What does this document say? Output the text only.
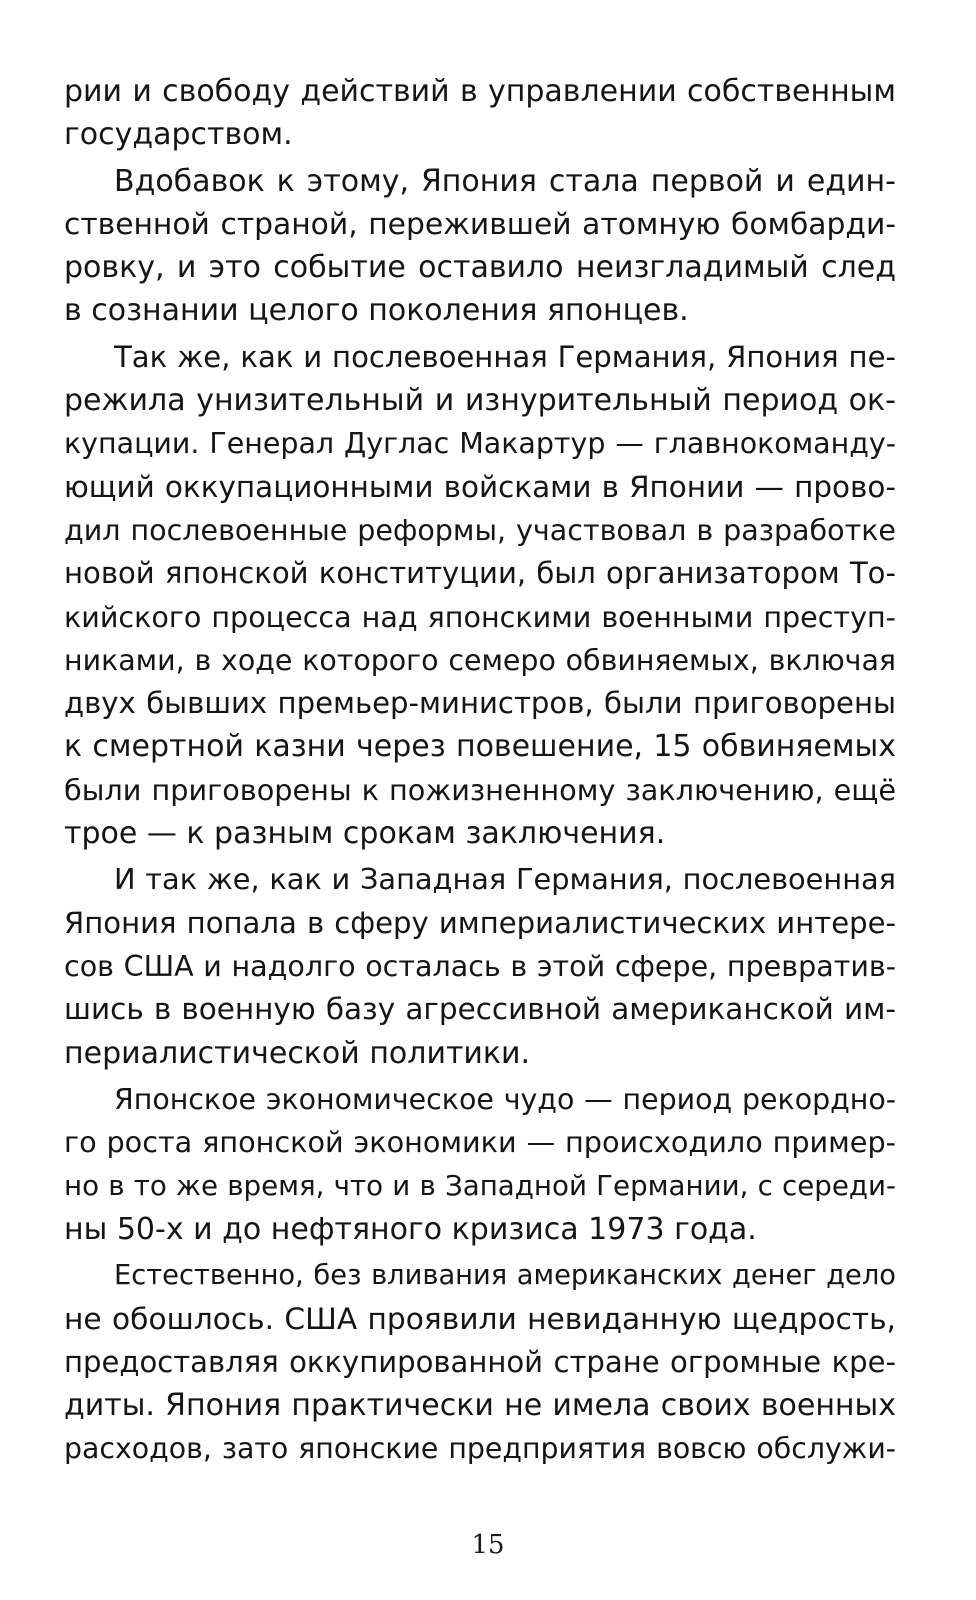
рии и свободу действий в управлении собственным
государством.
Вдобавок к этому, Япония стала первой и един-
ственной страной, пережившей атомную бомбарди-
ровку, и это событие оставило неизгладимый след
в сознании целого поколения японцев.
Так же, как и послевоенная Германия, Япония пе-
режила унизительный и изнурительный период ок-
купации. Генерал Дуглас Макартур — главнокоманду-
ющий оккупационными войсками в Японии — прово-
дил послевоенные реформы, участвовал в разработке
новой японской конституции, был организатором То-
кийского процесса над японскими военными преступ-
никами, в ходе которого семеро обвиняемых, включая
двух бывших премьер-министров, были приговорены
к смертной казни через повешение, 15 обвиняемых
были приговорены к пожизненному заключению, ещё
трое — к разным срокам заключения.
И так же, как и Западная Германия, послевоенная
Япония попала в сферу империалистических интере-
сов США и надолго осталась в этой сфере, превратив-
шись в военную базу агрессивной американской им-
периалистической политики.
Японское экономическое чудо — период рекордно-
го роста японской экономики — происходило пример-
но в то же время, что и в Западной Германии, с середи-
ны 50-х и до нефтяного кризиса 1973 года.
Естественно, без вливания американских денег дело
не обошлось. США проявили невиданную щедрость,
предоставляя оккупированной стране огромные кре-
диты. Япония практически не имела своих военных
расходов, зато японские предприятия вовсю обслужи-
15
